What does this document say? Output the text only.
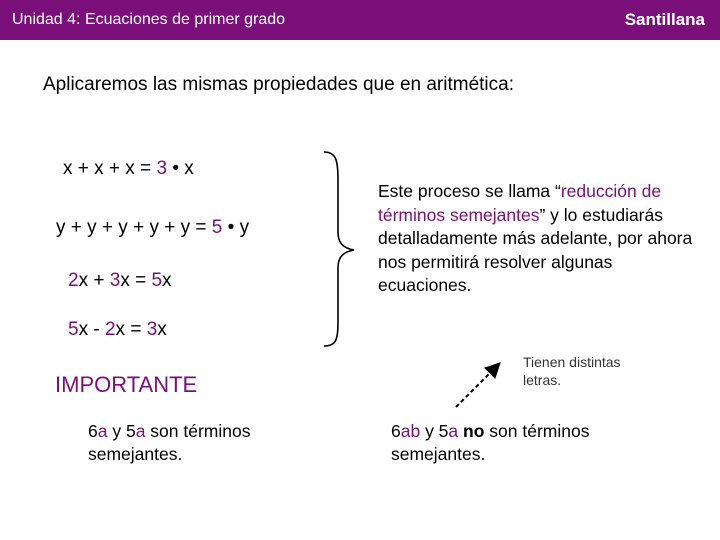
Unidad 4: Ecuaciones de primer grado	Santillana
Aplicaremos las mismas propiedades que en aritmética:
x + x + x = 3 • x
y + y + y + y + y = 5 • y
2x + 3x = 5x
5x - 2x = 3x
Este proceso se llama “reducción de términos semejantes” y lo estudiarás detalladamente más adelante, por ahora nos permitirá resolver algunas ecuaciones.
Tienen distintas letras.
IMPORTANTE
6a y 5a son términos semejantes.
6ab y 5a no son términos semejantes.
